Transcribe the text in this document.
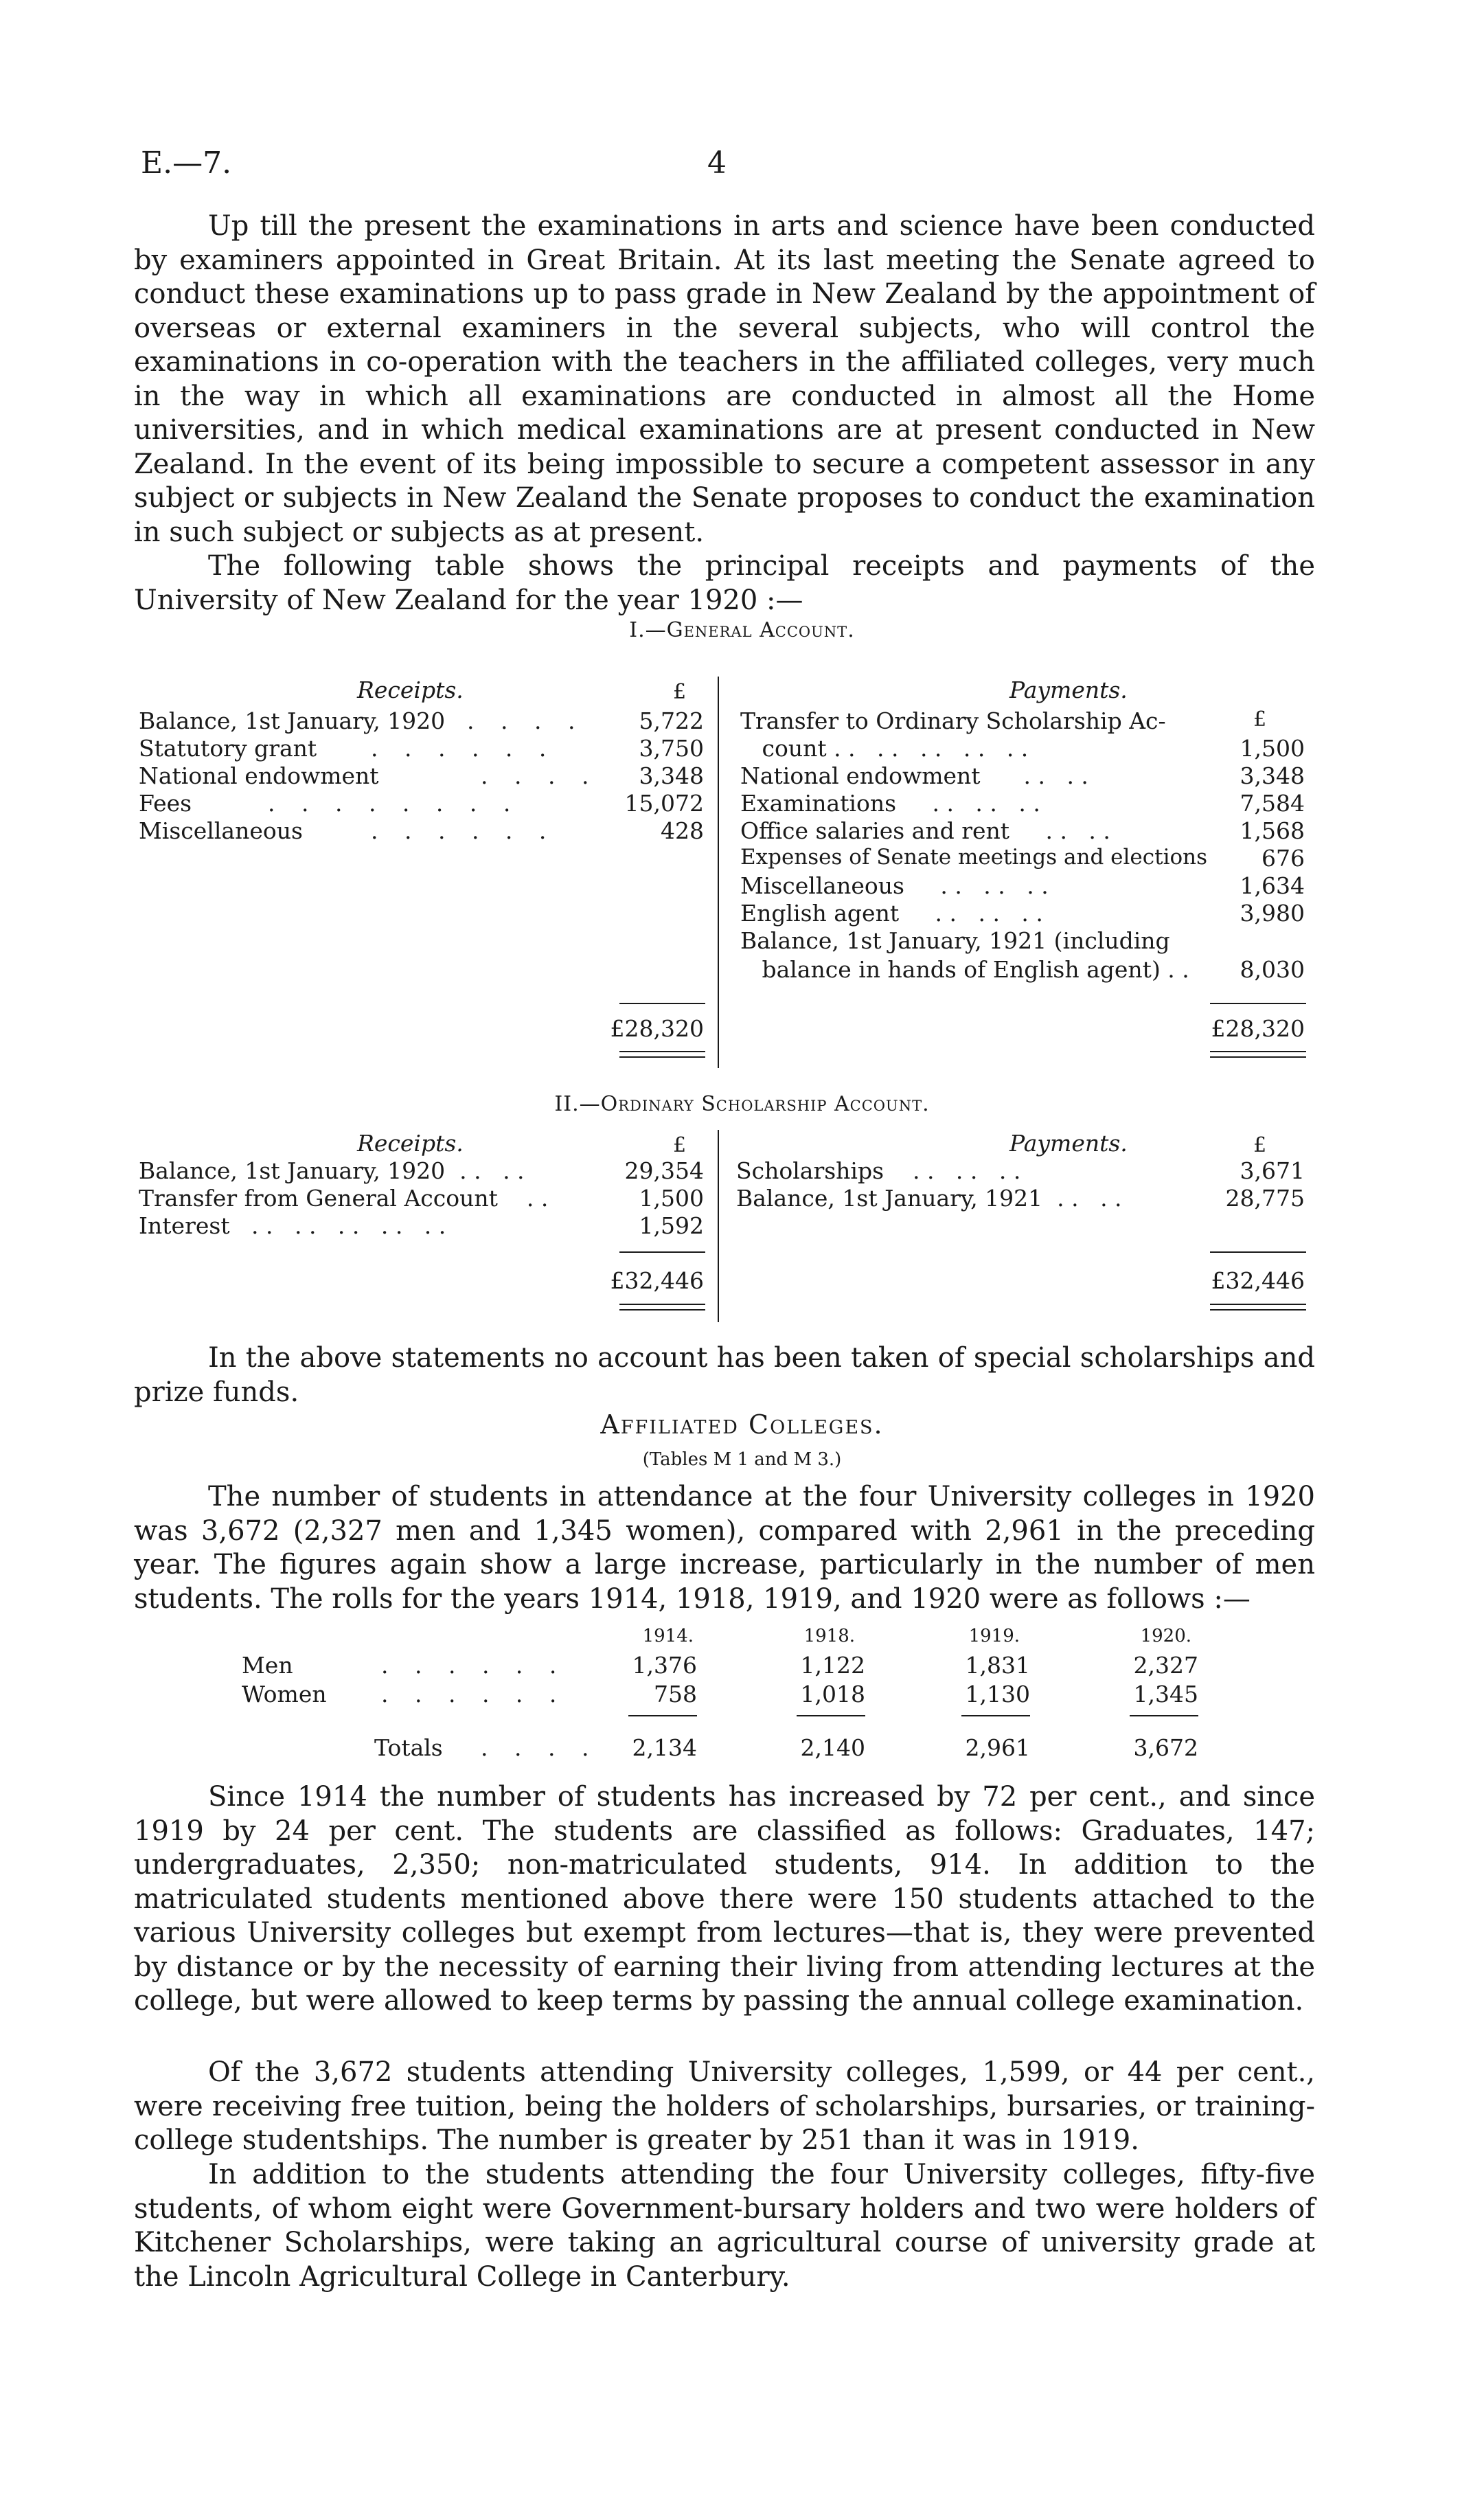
E.—7.	4

Up till the present the examinations in arts and science have been conducted by examiners appointed in Great Britain. At its last meeting the Senate agreed to conduct these examinations up to pass grade in New Zealand by the appointment of overseas or external examiners in the several subjects, who will control the examinations in co-operation with the teachers in the affiliated colleges, very much in the way in which all examinations are conducted in almost all the Home universities, and in which medical examinations are at present conducted in New Zealand. In the event of its being impossible to secure a competent assessor in any subject or subjects in New Zealand the Senate proposes to conduct the examination in such subject or subjects as at present.

The following table shows the principal receipts and payments of the University of New Zealand for the year 1920 :—

I.—General Account.
Receipts.	£
Balance, 1st January, 1920 . . . .	5,722
Statutory grant . . . . . .	3,750
National endowment	. . . .	3,348
Fees	. . . . . . . .	15,072
Miscellaneous	. . . . . .	428
£28,320
Payments.
£
Transfer to Ordinary Scholarship Ac-
count . .   . .   . .   . .   . .	1,500
National endowment      . .   . .	3,348
Examinations     . .   . .   . .	7,584
Office salaries and rent     . .   . .	1,568
Expenses of Senate meetings and elections	676
Miscellaneous     . .   . .   . .	1,634
English agent     . .   . .   . .	3,980
Balance, 1st January, 1921 (including
balance in hands of English agent) . .	8,030
£28,320
II.—Ordinary Scholarship Account.
Receipts.	£
Balance, 1st January, 1920  . .   . .	29,354
Transfer from General Account    . .	1,500
Interest   . .   . .   . .   . .   . .	1,592
£32,446
Payments.	£
Scholarships    . .   . .   . .	3,671
Balance, 1st January, 1921  . .   . .	28,775
£32,446

In the above statements no account has been taken of special scholarships and prize funds.

Affiliated Colleges.
(Tables M 1 and M 3.)

The number of students in attendance at the four University colleges in 1920 was 3,672 (2,327 men and 1,345 women), compared with 2,961 in the preceding year. The figures again show a large increase, particularly in the number of men students. The rolls for the years 1914, 1918, 1919, and 1920 were as follows :—

1914.	1918.	1919.	1920.
Men	. . . . . .	1,376	1,122	1,831	2,327
Women . . . . . .	758	1,018	1,130	1,345
Totals . . . .	2,134	2,140	2,961	3,672

Since 1914 the number of students has increased by 72 per cent., and since 1919 by 24 per cent. The students are classified as follows: Graduates, 147; undergraduates, 2,350; non-matriculated students, 914. In addition to the matriculated students mentioned above there were 150 students attached to the various University colleges but exempt from lectures—that is, they were prevented by distance or by the necessity of earning their living from attending lectures at the college, but were allowed to keep terms by passing the annual college examination.

Of the 3,672 students attending University colleges, 1,599, or 44 per cent., were receiving free tuition, being the holders of scholarships, bursaries, or training-college studentships. The number is greater by 251 than it was in 1919.

In addition to the students attending the four University colleges, fifty-five students, of whom eight were Government-bursary holders and two were holders of Kitchener Scholarships, were taking an agricultural course of university grade at the Lincoln Agricultural College in Canterbury.
